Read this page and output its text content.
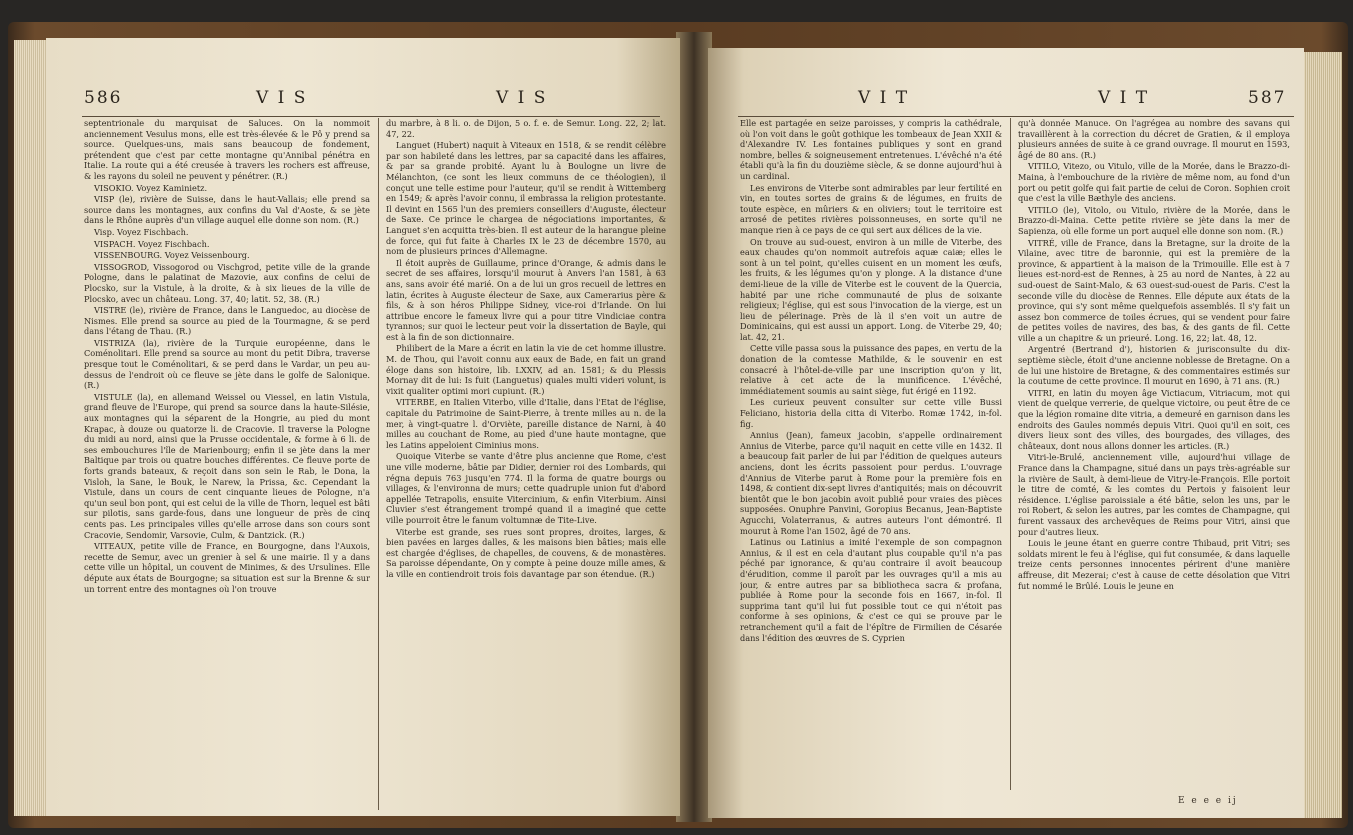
586	V I S	V I S

septentrionale du marquisat de Saluces. On la nommoit anciennement Vesulus mons, elle est très-élevée & le Pô y prend sa source. Quelques-uns, mais sans beaucoup de fondement, prétendent que c'est par cette montagne qu'Annibal pénétra en Italie. La route qui a été creusée à travers les rochers est affreuse, & les rayons du soleil ne peuvent y pénétrer. (R.)

VISOKIO. Voyez Kaminietz.

VISP (le), rivière de Suisse, dans le haut-Vallais; elle prend sa source dans les montagnes, aux confins du Val d'Aoste, & se jète dans le Rhône auprès d'un village auquel elle donne son nom. (R.)

Visp. Voyez Fischbach.

VISPACH. Voyez Fischbach.

VISSENBOURG. Voyez Veissenbourg.

VISSOGROD, Vissogorod ou Vischgrod, petite ville de la grande Pologne, dans le palatinat de Mazovie, aux confins de celui de Plocsko, sur la Vistule, à la droite, & à six lieues de la ville de Plocsko, avec un château. Long. 37, 40; latit. 52, 38. (R.)

VISTRE (le), rivière de France, dans le Languedoc, au diocèse de Nismes. Elle prend sa source au pied de la Tourmagne, & se perd dans l'étang de Thau. (R.)

VISTRIZA (la), rivière de la Turquie européenne, dans le Coménolitari. Elle prend sa source au mont du petit Dibra, traverse presque tout le Coménolitari, & se perd dans le Vardar, un peu au-dessus de l'endroit où ce fleuve se jète dans le golfe de Salonique. (R.)

VISTULE (la), en allemand Weissel ou Viessel, en latin Vistula, grand fleuve de l'Europe, qui prend sa source dans la haute-Silésie, aux montagnes qui la séparent de la Hongrie, au pied du mont Krapac, à douze ou quatorze li. de Cracovie. Il traverse la Pologne du midi au nord, ainsi que la Prusse occidentale, & forme à 6 li. de ses embouchures l'île de Marienbourg; enfin il se jète dans la mer Baltique par trois ou quatre bouches différentes. Ce fleuve porte de forts grands bateaux, & reçoit dans son sein le Rab, le Dona, la Visloh, la Sane, le Bouk, le Narew, la Prissa, &c. Cependant la Vistule, dans un cours de cent cinquante lieues de Pologne, n'a qu'un seul bon pont, qui est celui de la ville de Thorn, lequel est bâti sur pilotis, sans garde-fous, dans une longueur de près de cinq cents pas. Les principales villes qu'elle arrose dans son cours sont Cracovie, Sendomir, Varsovie, Culm, & Dantzick. (R.)

VITEAUX, petite ville de France, en Bourgogne, dans l'Auxois, recette de Semur, avec un grenier à sel & une mairie. Il y a dans cette ville un hôpital, un couvent de Minimes, & des Ursulines. Elle députe aux états de Bourgogne; sa situation est sur la Brenne & sur un torrent entre des montagnes où l'on trouve

du marbre, à 8 li. o. de Dijon, 5 o. f. e. de Semur. Long. 22, 2; lat. 47, 22.

Languet (Hubert) naquit à Viteaux en 1518, & se rendit célèbre par son habileté dans les lettres, par sa capacité dans les affaires, & par sa grande probité. Ayant lu à Boulogne un livre de Mélanchton, (ce sont les lieux communs de ce théologien), il conçut une telle estime pour l'auteur, qu'il se rendit à Wittemberg en 1549; & après l'avoir connu, il embrassa la religion protestante. Il devint en 1565 l'un des premiers conseillers d'Auguste, électeur de Saxe. Ce prince le chargea de négociations importantes, & Languet s'en acquitta très-bien. Il est auteur de la harangue pleine de force, qui fut faite à Charles IX le 23 de décembre 1570, au nom de plusieurs princes d'Allemagne.

Il étoit auprès de Guillaume, prince d'Orange, & admis dans le secret de ses affaires, lorsqu'il mourut à Anvers l'an 1581, à 63 ans, sans avoir été marié. On a de lui un gros recueil de lettres en latin, écrites à Auguste électeur de Saxe, aux Camerarius père & fils, & à son héros Philippe Sidney, vice-roi d'Irlande. On lui attribue encore le fameux livre qui a pour titre Vindiciae contra tyrannos; sur quoi le lecteur peut voir la dissertation de Bayle, qui est à la fin de son dictionnaire.

Philibert de la Mare a écrit en latin la vie de cet homme illustre. M. de Thou, qui l'avoit connu aux eaux de Bade, en fait un grand éloge dans son histoire, lib. LXXIV, ad an. 1581; & du Plessis Mornay dit de lui: Is fuit (Languetus) quales multi videri volunt, is vixit qualiter optimi mori cupiunt. (R.)

VITERBE, en Italien Viterbo, ville d'Italie, dans l'Etat de l'église, capitale du Patrimoine de Saint-Pierre, à trente milles au n. de la mer, à vingt-quatre l. d'Orviète, pareille distance de Narni, à 40 milles au couchant de Rome, au pied d'une haute montagne, que les Latins appeloient Ciminius mons.

Quoique Viterbe se vante d'être plus ancienne que Rome, c'est une ville moderne, bâtie par Didier, dernier roi des Lombards, qui régna depuis 763 jusqu'en 774. Il la forma de quatre bourgs ou villages, & l'environna de murs; cette quadruple union fut d'abord appellée Tetrapolis, ensuite Vitercinium, & enfin Viterbium. Ainsi Cluvier s'est étrangement trompé quand il a imaginé que cette ville pourroit être le fanum voltumnæ de Tite-Live.

Viterbe est grande, ses rues sont propres, droites, larges, & bien pavées en larges dalles, & les maisons bien bâties; mais elle est chargée d'églises, de chapelles, de couvens, & de monastères. Sa paroisse dépendante, On y compte à peine douze mille ames, & la ville en contiendroit trois fois davantage par son étendue. (R.)

V I T	V I T	587

Elle est partagée en seize paroisses, y compris la cathédrale, où l'on voit dans le goût gothique les tombeaux de Jean XXII & d'Alexandre IV. Les fontaines publiques y sont en grand nombre, belles & soigneusement entretenues. L'évêché n'a été établi qu'à la fin du douzième siècle, & se donne aujourd'hui à un cardinal.

Les environs de Viterbe sont admirables par leur fertilité en vin, en toutes sortes de grains & de légumes, en fruits de toute espèce, en mûriers & en oliviers; tout le territoire est arrosé de petites rivières poissonneuses, en sorte qu'il ne manque rien à ce pays de ce qui sert aux délices de la vie.

On trouve au sud-ouest, environ à un mille de Viterbe, des eaux chaudes qu'on nommoit autrefois aquæ caiæ; elles le sont à un tel point, qu'elles cuisent en un moment les œufs, les fruits, & les légumes qu'on y plonge. A la distance d'une demi-lieue de la ville de Viterbe est le couvent de la Quercia, habité par une riche communauté de plus de soixante religieux; l'église, qui est sous l'invocation de la vierge, est un lieu de pélerinage. Près de là il s'en voit un autre de Dominicains, qui est aussi un apport. Long. de Viterbe 29, 40; lat. 42, 21.

Cette ville passa sous la puissance des papes, en vertu de la donation de la comtesse Mathilde, & le souvenir en est consacré à l'hôtel-de-ville par une inscription qu'on y lit, relative à cet acte de la munificence. L'évêché, immédiatement soumis au saint siège, fut érigé en 1192.

Les curieux peuvent consulter sur cette ville Bussi Feliciano, historia della citta di Viterbo. Romæ 1742, in-fol. fig.

Annius (Jean), fameux jacobin, s'appelle ordinairement Annius de Viterbe, parce qu'il naquit en cette ville en 1432. Il a beaucoup fait parler de lui par l'édition de quelques auteurs anciens, dont les écrits passoient pour perdus. L'ouvrage d'Annius de Viterbe parut à Rome pour la première fois en 1498, & contient dix-sept livres d'antiquités; mais on découvrit bientôt que le bon jacobin avoit publié pour vraies des pièces supposées. Onuphre Panvini, Goropius Becanus, Jean-Baptiste Agucchi, Volaterranus, & autres auteurs l'ont démontré. Il mourut à Rome l'an 1502, âgé de 70 ans.

Latinus ou Latinius a imité l'exemple de son compagnon Annius, & il est en cela d'autant plus coupable qu'il n'a pas péché par ignorance, & qu'au contraire il avoit beaucoup d'érudition, comme il paroît par les ouvrages qu'il a mis au jour, & entre autres par sa bibliotheca sacra & profana, publiée à Rome pour la seconde fois en 1667, in-fol. Il supprima tant qu'il lui fut possible tout ce qui n'étoit pas conforme à ses opinions, & c'est ce qui se prouve par le retranchement qu'il a fait de l'épître de Firmilien de Césarée dans l'édition des œuvres de S. Cyprien

qu'à donnée Manuce. On l'agrégea au nombre des savans qui travaillèrent à la correction du décret de Gratien, & il employa plusieurs années de suite à ce grand ouvrage. Il mourut en 1593, âgé de 80 ans. (R.)

VITILO, Vitezo, ou Vitulo, ville de la Morée, dans le Brazzo-di-Maina, à l'embouchure de la rivière de même nom, au fond d'un port ou petit golfe qui fait partie de celui de Coron. Sophien croit que c'est la ville Bæthyle des anciens.

VITILO (le), Vitolo, ou Vitulo, rivière de la Morée, dans le Brazzo-di-Maina. Cette petite rivière se jète dans la mer de Sapienza, où elle forme un port auquel elle donne son nom. (R.)

VITRÉ, ville de France, dans la Bretagne, sur la droite de la Vilaine, avec titre de baronnie, qui est la première de la province, & appartient à la maison de la Trimouille. Elle est à 7 lieues est-nord-est de Rennes, à 25 au nord de Nantes, à 22 au sud-ouest de Saint-Malo, & 63 ouest-sud-ouest de Paris. C'est la seconde ville du diocèse de Rennes. Elle députe aux états de la province, qui s'y sont même quelquefois assemblés. Il s'y fait un assez bon commerce de toiles écrues, qui se vendent pour faire de petites voiles de navires, des bas, & des gants de fil. Cette ville a un chapitre & un prieuré. Long. 16, 22; lat. 48, 12.

Argentré (Bertrand d'), historien & jurisconsulte du dix-septième siècle, étoit d'une ancienne noblesse de Bretagne. On a de lui une histoire de Bretagne, & des commentaires estimés sur la coutume de cette province. Il mourut en 1690, à 71 ans. (R.)

VITRI, en latin du moyen âge Victiacum, Vitriacum, mot qui vient de quelque verrerie, de quelque victoire, ou peut être de ce que la légion romaine dite vitria, a demeuré en garnison dans les endroits des Gaules nommés depuis Vitri. Quoi qu'il en soit, ces divers lieux sont des villes, des bourgades, des villages, des châteaux, dont nous allons donner les articles. (R.)

Vitri-le-Brulé, anciennement ville, aujourd'hui village de France dans la Champagne, situé dans un pays très-agréable sur la rivière de Sault, à demi-lieue de Vitry-le-François. Elle portoit le titre de comté, & les comtes du Pertois y faisoient leur résidence. L'église paroissiale a été bâtie, selon les uns, par le roi Robert, & selon les autres, par les comtes de Champagne, qui furent vassaux des archevêques de Reims pour Vitri, ainsi que pour d'autres lieux.

Louis le jeune étant en guerre contre Thibaud, prit Vitri; ses soldats mirent le feu à l'église, qui fut consumée, & dans laquelle treize cents personnes innocentes périrent d'une manière affreuse, dit Mezerai; c'est à cause de cette désolation que Vitri fut nommé le Brûlé. Louis le jeune en

E e e e ij
